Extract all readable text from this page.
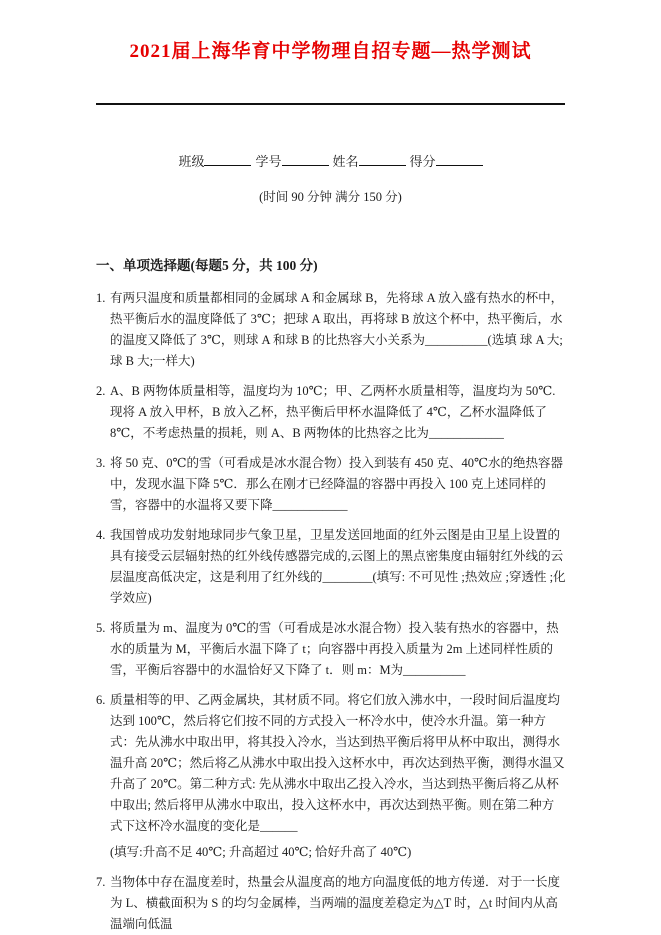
2021届上海华育中学物理自招专题—热学测试
班级	学号	姓名	得分
(时间 90 分钟 满分 150 分)
一、单项选择题(每题5 分，共 100 分)
1. 有两只温度和质量都相同的金属球 A 和金属球 B，先将球 A 放入盛有热水的杯中，热平衡后水的温度降低了 3℃；把球 A 取出，再将球 B 放这个杯中，热平衡后，水的温度又降低了 3℃，则球 A 和球 B 的比热容大小关系为__________(选填 球 A 大;球 B 大;一样大)
2. A、B 两物体质量相等，温度均为 10℃；甲、乙两杯水质量相等，温度均为 50℃.现将 A 放入甲杯，B 放入乙杯，热平衡后甲杯水温降低了 4℃，乙杯水温降低了 8℃，不考虑热量的损耗，则 A、B 两物体的比热容之比为____________
3. 将 50 克、0℃的雪（可看成是冰水混合物）投入到装有 450 克、40℃水的绝热容器中，发现水温下降 5℃．那么在刚才已经降温的容器中再投入 100 克上述同样的雪，容器中的水温将又要下降____________
4. 我国曾成功发射地球同步气象卫星，卫星发送回地面的红外云图是由卫星上设置的具有接受云层辐射热的红外线传感器完成的,云图上的黑点密集度由辐射红外线的云层温度高低决定，这是利用了红外线的________(填写: 不可见性 ;热效应 ;穿透性 ;化学效应)
5. 将质量为 m、温度为 0℃的雪（可看成是冰水混合物）投入装有热水的容器中，热水的质量为 M，平衡后水温下降了 t；向容器中再投入质量为 2m 上述同样性质的雪，平衡后容器中的水温恰好又下降了 t．则 m：M为__________
6. 质量相等的甲、乙两金属块，其材质不同。将它们放入沸水中，一段时间后温度均达到 100℃，然后将它们按不同的方式投入一杯冷水中，使冷水升温。第一种方式：先从沸水中取出甲，将其投入冷水，当达到热平衡后将甲从杯中取出，测得水温升高 20℃；然后将乙从沸水中取出投入这杯水中，再次达到热平衡，测得水温又升高了 20℃。第二种方式: 先从沸水中取出乙投入冷水，当达到热平衡后将乙从杯中取出; 然后将甲从沸水中取出，投入这杯水中，再次达到热平衡。则在第二种方式下这杯冷水温度的变化是______
(填写:升高不足 40℃; 升高超过 40℃; 恰好升高了 40℃)
7. 当物体中存在温度差时，热量会从温度高的地方向温度低的地方传递．对于一长度为 L、横截面积为 S 的均匀金属棒，当两端的温度差稳定为△T 时，△t 时间内从高温端向低温
